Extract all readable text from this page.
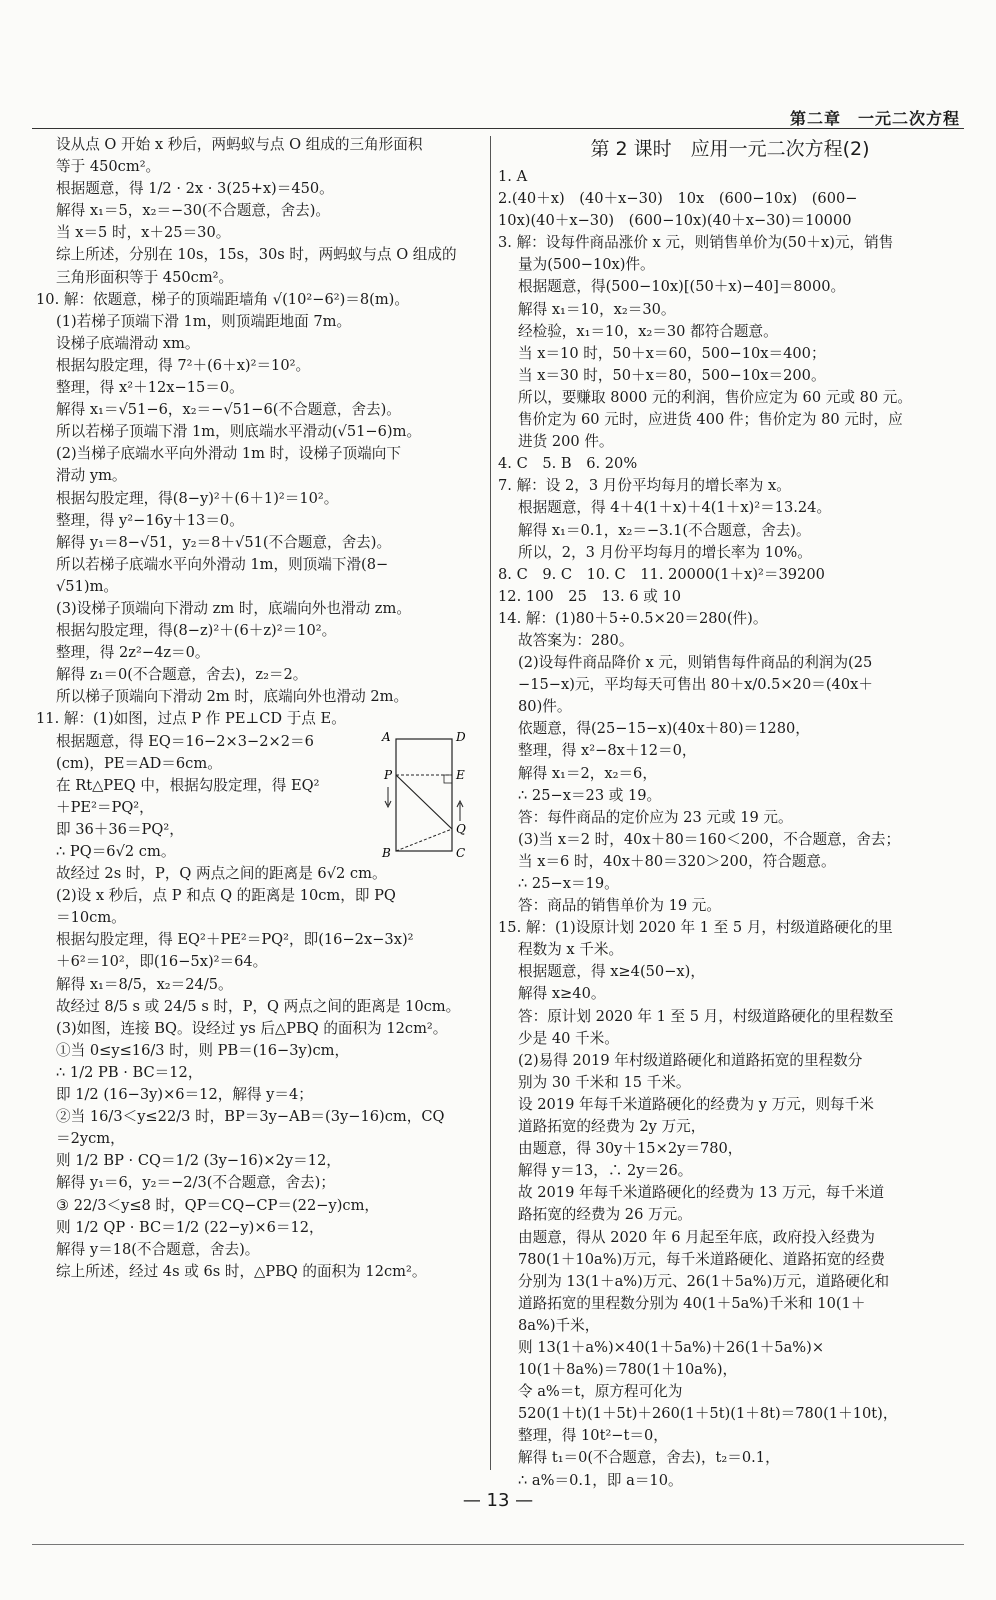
第二章　一元二次方程
设从点 O 开始 x 秒后，两蚂蚁与点 O 组成的三角形面积
等于 450cm²。
根据题意，得 1/2 · 2x · 3(25+x)＝450。
解得 x₁＝5，x₂＝−30(不合题意，舍去)。
当 x＝5 时，x＋25＝30。
综上所述，分别在 10s，15s，30s 时，两蚂蚁与点 O 组成的
三角形面积等于 450cm²。
10. 解：依题意，梯子的顶端距墙角 √(10²−6²)＝8(m)。
(1)若梯子顶端下滑 1m，则顶端距地面 7m。
设梯子底端滑动 xm。
根据勾股定理，得 7²＋(6＋x)²＝10²。
整理，得 x²＋12x−15＝0。
解得 x₁＝√51−6，x₂＝−√51−6(不合题意，舍去)。
所以若梯子顶端下滑 1m，则底端水平滑动(√51−6)m。
(2)当梯子底端水平向外滑动 1m 时，设梯子顶端向下
滑动 ym。
根据勾股定理，得(8−y)²＋(6＋1)²＝10²。
整理，得 y²−16y＋13＝0。
解得 y₁＝8−√51，y₂＝8＋√51(不合题意，舍去)。
所以若梯子底端水平向外滑动 1m，则顶端下滑(8−
√51)m。
(3)设梯子顶端向下滑动 zm 时，底端向外也滑动 zm。
根据勾股定理，得(8−z)²＋(6＋z)²＝10²。
整理，得 2z²−4z＝0。
解得 z₁＝0(不合题意，舍去)，z₂＝2。
所以梯子顶端向下滑动 2m 时，底端向外也滑动 2m。
11. 解：(1)如图，过点 P 作 PE⊥CD 于点 E。
根据题意，得 EQ＝16−2×3−2×2＝6
(cm)，PE＝AD＝6cm。
在 Rt△PEQ 中，根据勾股定理，得 EQ²
＋PE²＝PQ²，
即 36＋36＝PQ²，
∴ PQ＝6√2 cm。
故经过 2s 时，P，Q 两点之间的距离是 6√2 cm。
(2)设 x 秒后，点 P 和点 Q 的距离是 10cm，即 PQ
＝10cm。
根据勾股定理，得 EQ²＋PE²＝PQ²，即(16−2x−3x)²
＋6²＝10²，即(16−5x)²＝64。
解得 x₁＝8/5，x₂＝24/5。
故经过 8/5 s 或 24/5 s 时，P，Q 两点之间的距离是 10cm。
(3)如图，连接 BQ。设经过 ys 后△PBQ 的面积为 12cm²。
①当 0≤y≤16/3 时，则 PB＝(16−3y)cm，
∴ 1/2 PB · BC＝12，
即 1/2 (16−3y)×6＝12，解得 y＝4；
②当 16/3＜y≤22/3 时，BP＝3y−AB＝(3y−16)cm，CQ
＝2ycm，
则 1/2 BP · CQ＝1/2 (3y−16)×2y＝12，
解得 y₁＝6，y₂＝−2/3(不合题意，舍去)；
③ 22/3＜y≤8 时，QP＝CQ−CP＝(22−y)cm，
则 1/2 QP · BC＝1/2 (22−y)×6＝12，
解得 y＝18(不合题意，舍去)。
综上所述，经过 4s 或 6s 时，△PBQ 的面积为 12cm²。
第 2 课时　应用一元二次方程(2)
1. A
2.(40＋x)　(40＋x−30)　10x　(600−10x)　(600−
10x)(40＋x−30)　(600−10x)(40＋x−30)＝10000
3. 解：设每件商品涨价 x 元，则销售单价为(50＋x)元，销售
量为(500−10x)件。
根据题意，得(500−10x)[(50＋x)−40]＝8000。
解得 x₁＝10，x₂＝30。
经检验，x₁＝10，x₂＝30 都符合题意。
当 x＝10 时，50＋x＝60，500−10x＝400；
当 x＝30 时，50＋x＝80，500−10x＝200。
所以，要赚取 8000 元的利润，售价应定为 60 元或 80 元。
售价定为 60 元时，应进货 400 件；售价定为 80 元时，应
进货 200 件。
4. C　5. B　6. 20%
7. 解：设 2，3 月份平均每月的增长率为 x。
根据题意，得 4＋4(1＋x)＋4(1＋x)²＝13.24。
解得 x₁＝0.1，x₂＝−3.1(不合题意，舍去)。
所以，2，3 月份平均每月的增长率为 10%。
8. C　9. C　10. C　11. 20000(1＋x)²＝39200
12. 100　25　13. 6 或 10
14. 解：(1)80＋5÷0.5×20＝280(件)。
故答案为：280。
(2)设每件商品降价 x 元，则销售每件商品的利润为(25
−15−x)元，平均每天可售出 80＋x/0.5×20＝(40x＋
80)件。
依题意，得(25−15−x)(40x＋80)＝1280，
整理，得 x²−8x＋12＝0，
解得 x₁＝2，x₂＝6，
∴ 25−x＝23 或 19。
答：每件商品的定价应为 23 元或 19 元。
(3)当 x＝2 时，40x＋80＝160＜200，不合题意，舍去；
当 x＝6 时，40x＋80＝320＞200，符合题意。
∴ 25−x＝19。
答：商品的销售单价为 19 元。
15. 解：(1)设原计划 2020 年 1 至 5 月，村级道路硬化的里
程数为 x 千米。
根据题意，得 x≥4(50−x)，
解得 x≥40。
答：原计划 2020 年 1 至 5 月，村级道路硬化的里程数至
少是 40 千米。
(2)易得 2019 年村级道路硬化和道路拓宽的里程数分
别为 30 千米和 15 千米。
设 2019 年每千米道路硬化的经费为 y 万元，则每千米
道路拓宽的经费为 2y 万元，
由题意，得 30y＋15×2y＝780，
解得 y＝13，∴ 2y＝26。
故 2019 年每千米道路硬化的经费为 13 万元，每千米道
路拓宽的经费为 26 万元。
由题意，得从 2020 年 6 月起至年底，政府投入经费为
780(1＋10a%)万元，每千米道路硬化、道路拓宽的经费
分别为 13(1＋a%)万元、26(1＋5a%)万元，道路硬化和
道路拓宽的里程数分别为 40(1＋5a%)千米和 10(1＋
8a%)千米，
则 13(1＋a%)×40(1＋5a%)＋26(1＋5a%)×
10(1＋8a%)＝780(1＋10a%)，
令 a%＝t，原方程可化为
520(1＋t)(1＋5t)＋260(1＋5t)(1＋8t)＝780(1＋10t)，
整理，得 10t²−t＝0，
解得 t₁＝0(不合题意，舍去)，t₂＝0.1，
∴ a%＝0.1，即 a＝10。
A	D
P	E
Q
B	C
— 13 —
